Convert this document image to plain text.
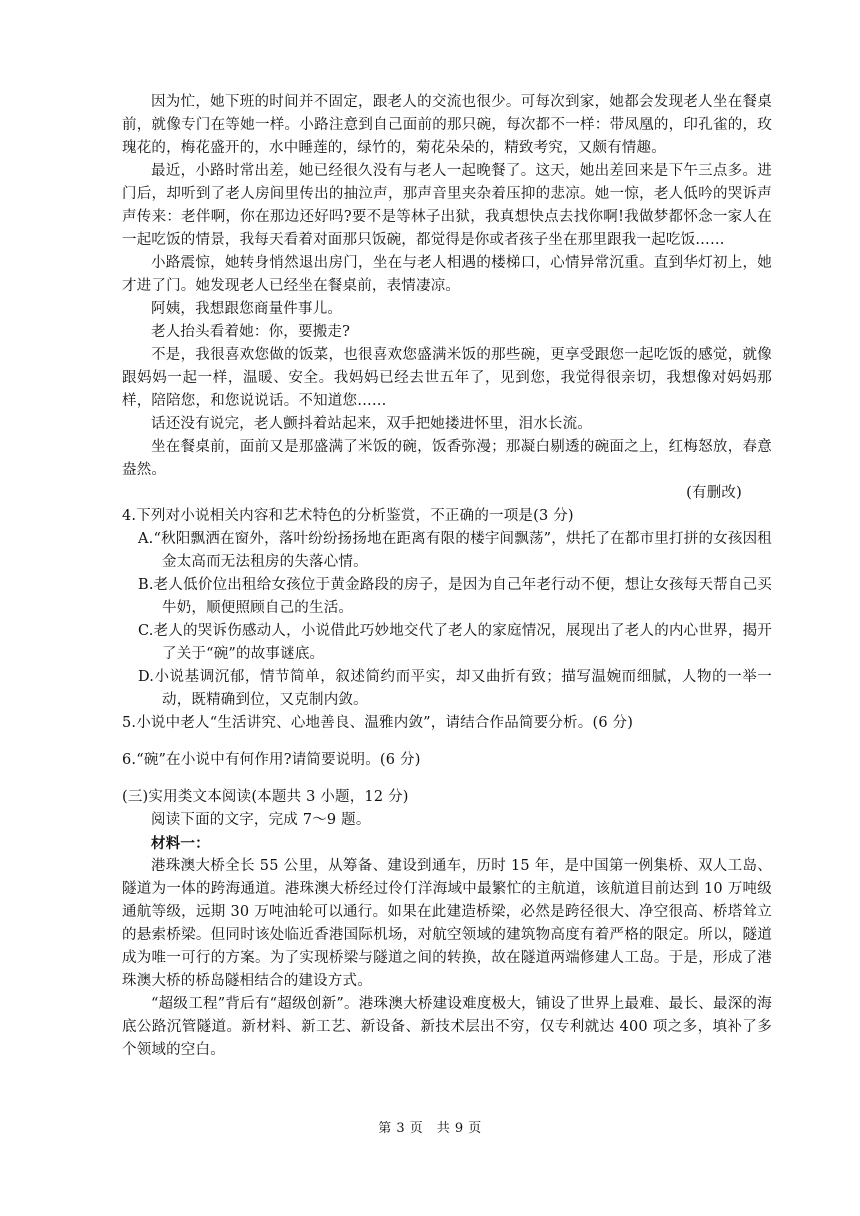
因为忙，她下班的时间并不固定，跟老人的交流也很少。可每次到家，她都会发现老人坐在餐桌前，就像专门在等她一样。小路注意到自己面前的那只碗，每次都不一样：带凤凰的，印孔雀的，玫瑰花的，梅花盛开的，水中睡莲的，绿竹的，菊花朵朵的，精致考究，又颇有情趣。

最近，小路时常出差，她已经很久没有与老人一起晚餐了。这天，她出差回来是下午三点多。进门后，却听到了老人房间里传出的抽泣声，那声音里夹杂着压抑的悲凉。她一惊，老人低吟的哭诉声声传来：老伴啊，你在那边还好吗?要不是等林子出狱，我真想快点去找你啊!我做梦都怀念一家人在一起吃饭的情景，我每天看着对面那只饭碗，都觉得是你或者孩子坐在那里跟我一起吃饭……

小路震惊，她转身悄然退出房门，坐在与老人相遇的楼梯口，心情异常沉重。直到华灯初上，她才进了门。她发现老人已经坐在餐桌前，表情凄凉。

阿姨，我想跟您商量件事儿。

老人抬头看着她：你，要搬走?

不是，我很喜欢您做的饭菜，也很喜欢您盛满米饭的那些碗，更享受跟您一起吃饭的感觉，就像跟妈妈一起一样，温暖、安全。我妈妈已经去世五年了，见到您，我觉得很亲切，我想像对妈妈那样，陪陪您，和您说说话。不知道您……

话还没有说完，老人颤抖着站起来，双手把她搂进怀里，泪水长流。

坐在餐桌前，面前又是那盛满了米饭的碗，饭香弥漫；那凝白剔透的碗面之上，红梅怒放，春意盎然。

(有删改)

4.下列对小说相关内容和艺术特色的分析鉴赏，不正确的一项是(3 分)

A.“秋阳飘洒在窗外，落叶纷纷扬扬地在距离有限的楼宇间飘荡”，烘托了在都市里打拼的女孩因租金太高而无法租房的失落心情。

B.老人低价位出租给女孩位于黄金路段的房子，是因为自己年老行动不便，想让女孩每天帮自己买牛奶，顺便照顾自己的生活。

C.老人的哭诉伤感动人，小说借此巧妙地交代了老人的家庭情况，展现出了老人的内心世界，揭开了关于“碗”的故事谜底。

D.小说基调沉郁，情节简单，叙述简约而平实，却又曲折有致；描写温婉而细腻，人物的一举一动，既精确到位，又克制内敛。

5.小说中老人“生活讲究、心地善良、温雅内敛”，请结合作品简要分析。(6 分)

6.“碗”在小说中有何作用?请简要说明。(6 分)

(三)实用类文本阅读(本题共 3 小题，12 分)

阅读下面的文字，完成 7～9 题。

材料一：

港珠澳大桥全长 55 公里，从筹备、建设到通车，历时 15 年，是中国第一例集桥、双人工岛、隧道为一体的跨海通道。港珠澳大桥经过伶仃洋海域中最繁忙的主航道，该航道目前达到 10 万吨级通航等级，远期 30 万吨油轮可以通行。如果在此建造桥梁，必然是跨径很大、净空很高、桥塔耸立的悬索桥梁。但同时该处临近香港国际机场，对航空领域的建筑物高度有着严格的限定。所以，隧道成为唯一可行的方案。为了实现桥梁与隧道之间的转换，故在隧道两端修建人工岛。于是，形成了港珠澳大桥的桥岛隧相结合的建设方式。

“超级工程”背后有“超级创新”。港珠澳大桥建设难度极大，铺设了世界上最难、最长、最深的海底公路沉管隧道。新材料、新工艺、新设备、新技术层出不穷，仅专利就达 400 项之多，填补了多个领域的空白。

第 3 页　共 9 页
